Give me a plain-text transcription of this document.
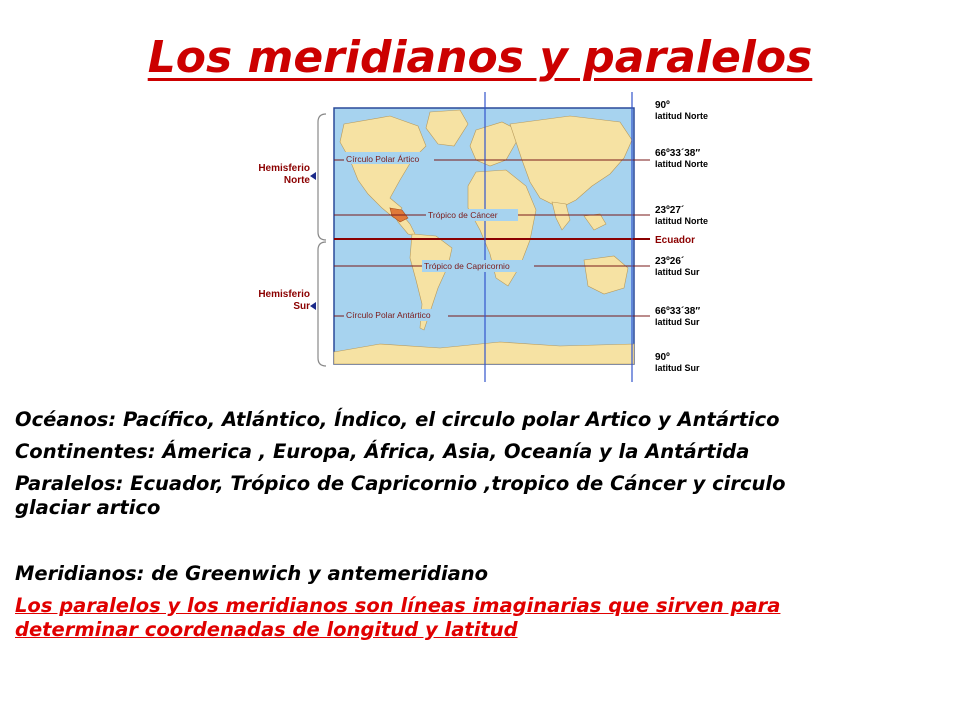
Los meridianos y paralelos
Hemisferio
Norte
Hemisferio
Sur
Círculo Polar Ártico
Trópico de Cáncer
Trópico de Capricornio
Círculo Polar Antártico
90º
latitud Norte
66º33´38″
latitud Norte
23º27´
latitud Norte
Ecuador
23º26´
latitud Sur
66º33´38″
latitud Sur
90º
latitud Sur

Océanos: Pacífico, Atlántico, Índico, el circulo polar Artico y Antártico

Continentes: Ámerica , Europa, África, Asia, Oceanía y la Antártida

Paralelos: Ecuador, Trópico de Capricornio ,tropico de Cáncer y circulo glaciar artico

Meridianos: de Greenwich y antemeridiano

Los paralelos y los meridianos son líneas imaginarias que sirven para determinar coordenadas de longitud y latitud
